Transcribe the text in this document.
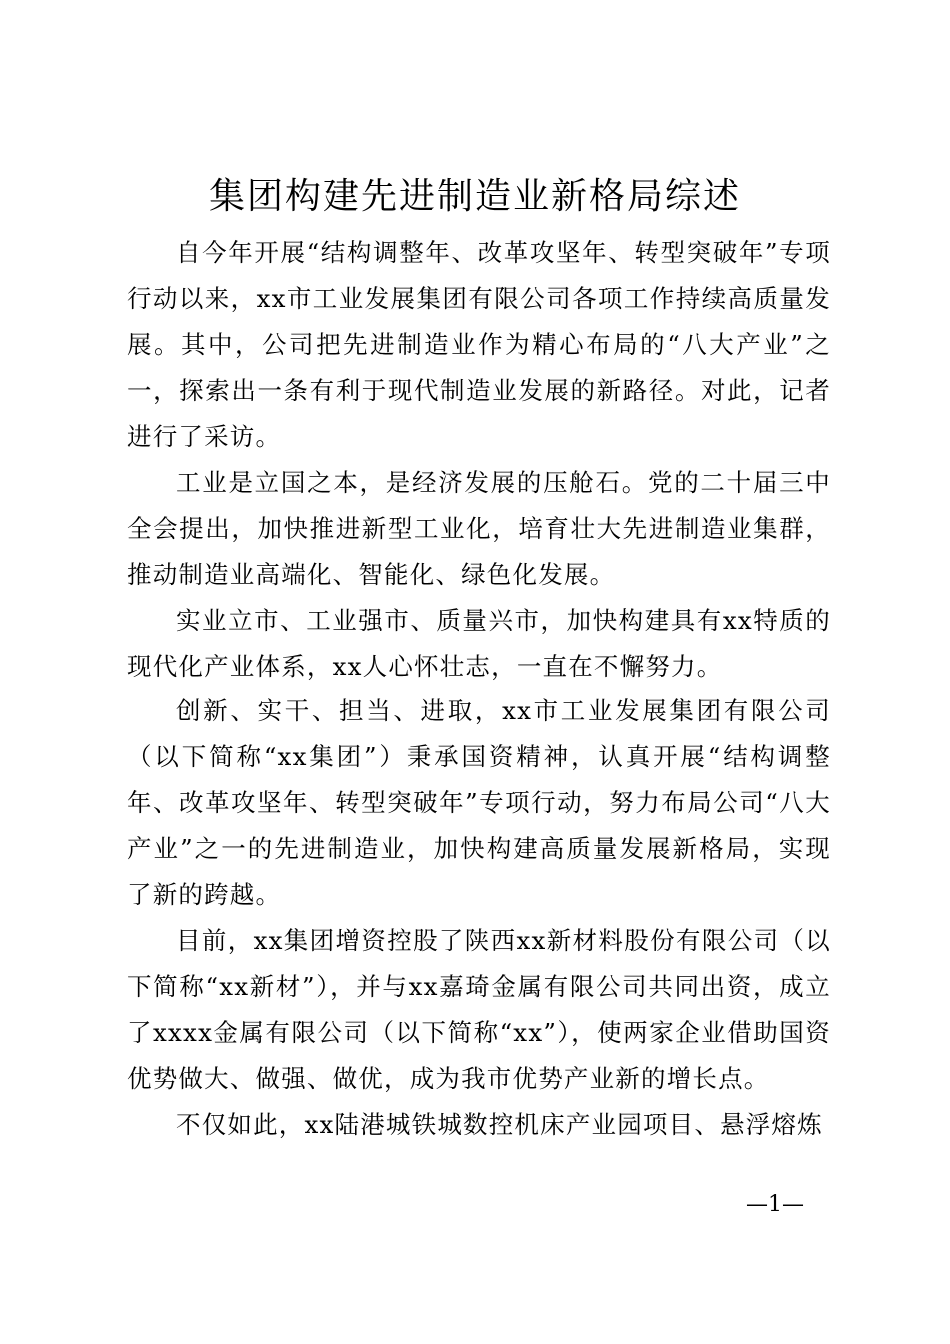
集团构建先进制造业新格局综述

自今年开展“结构调整年、改革攻坚年、转型突破年”专项行动以来，xx市工业发展集团有限公司各项工作持续高质量发展。其中，公司把先进制造业作为精心布局的“八大产业”之一，探索出一条有利于现代制造业发展的新路径。对此，记者进行了采访。

工业是立国之本，是经济发展的压舱石。党的二十届三中全会提出，加快推进新型工业化，培育壮大先进制造业集群，推动制造业高端化、智能化、绿色化发展。

实业立市、工业强市、质量兴市，加快构建具有xx特质的现代化产业体系，xx人心怀壮志，一直在不懈努力。

创新、实干、担当、进取，xx市工业发展集团有限公司（以下简称“xx集团”）秉承国资精神，认真开展“结构调整年、改革攻坚年、转型突破年”专项行动，努力布局公司“八大产业”之一的先进制造业，加快构建高质量发展新格局，实现了新的跨越。

目前，xx集团增资控股了陕西xx新材料股份有限公司（以下简称“xx新材”），并与xx嘉琦金属有限公司共同出资，成立了xxxx金属有限公司（以下简称“xx”），使两家企业借助国资优势做大、做强、做优，成为我市优势产业新的增长点。

不仅如此，xx陆港城铁城数控机床产业园项目、悬浮熔炼

—1—
